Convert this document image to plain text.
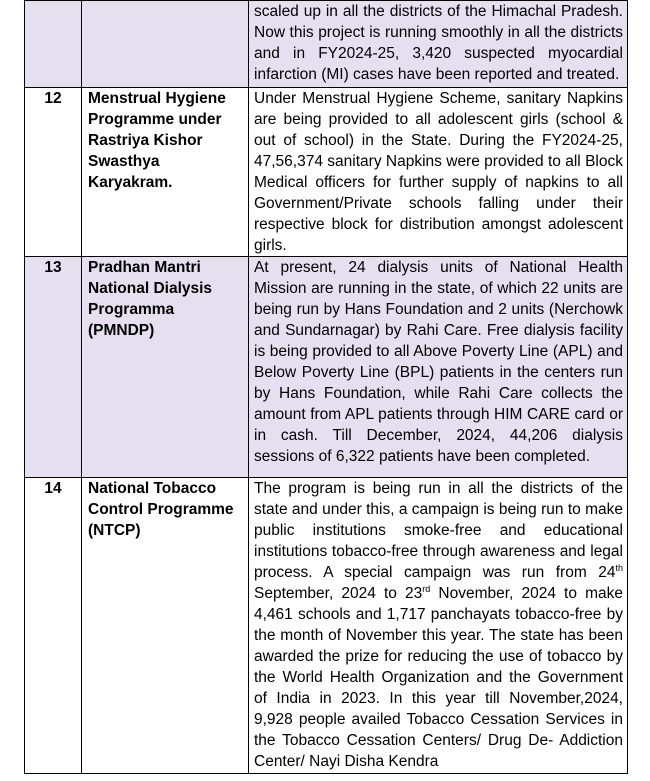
		scaled up in all the districts of the Himachal Pradesh. Now this project is running smoothly in all the districts and in FY2024-25, 3,420 suspected myocardial infarction (MI) cases have been reported and treated.
12	Menstrual Hygiene Programme under Rastriya Kishor Swasthya Karyakram.	Under Menstrual Hygiene Scheme, sanitary Napkins are being provided to all adolescent girls (school & out of school) in the State. During the FY2024-25, 47,56,374 sanitary Napkins were provided to all Block Medical officers for further supply of napkins to all Government/Private schools falling under their respective block for distribution amongst adolescent girls.
13	Pradhan Mantri National Dialysis Programma (PMNDP)	At present, 24 dialysis units of National Health Mission are running in the state, of which 22 units are being run by Hans Foundation and 2 units (Nerchowk and Sundarnagar) by Rahi Care. Free dialysis facility is being provided to all Above Poverty Line (APL) and Below Poverty Line (BPL) patients in the centers run by Hans Foundation, while Rahi Care collects the amount from APL patients through HIM CARE card or in cash. Till December, 2024, 44,206 dialysis sessions of 6,322 patients have been completed.
14	National Tobacco Control Programme (NTCP)	The program is being run in all the districts of the state and under this, a campaign is being run to make public institutions smoke-free and educational institutions tobacco-free through awareness and legal process. A special campaign was run from 24th September, 2024 to 23rd November, 2024 to make 4,461 schools and 1,717 panchayats tobacco-free by the month of November this year. The state has been awarded the prize for reducing the use of tobacco by the World Health Organization and the Government of India in 2023. In this year till November,2024, 9,928 people availed Tobacco Cessation Services in the Tobacco Cessation Centers/ Drug De- Addiction Center/ Nayi Disha Kendra
